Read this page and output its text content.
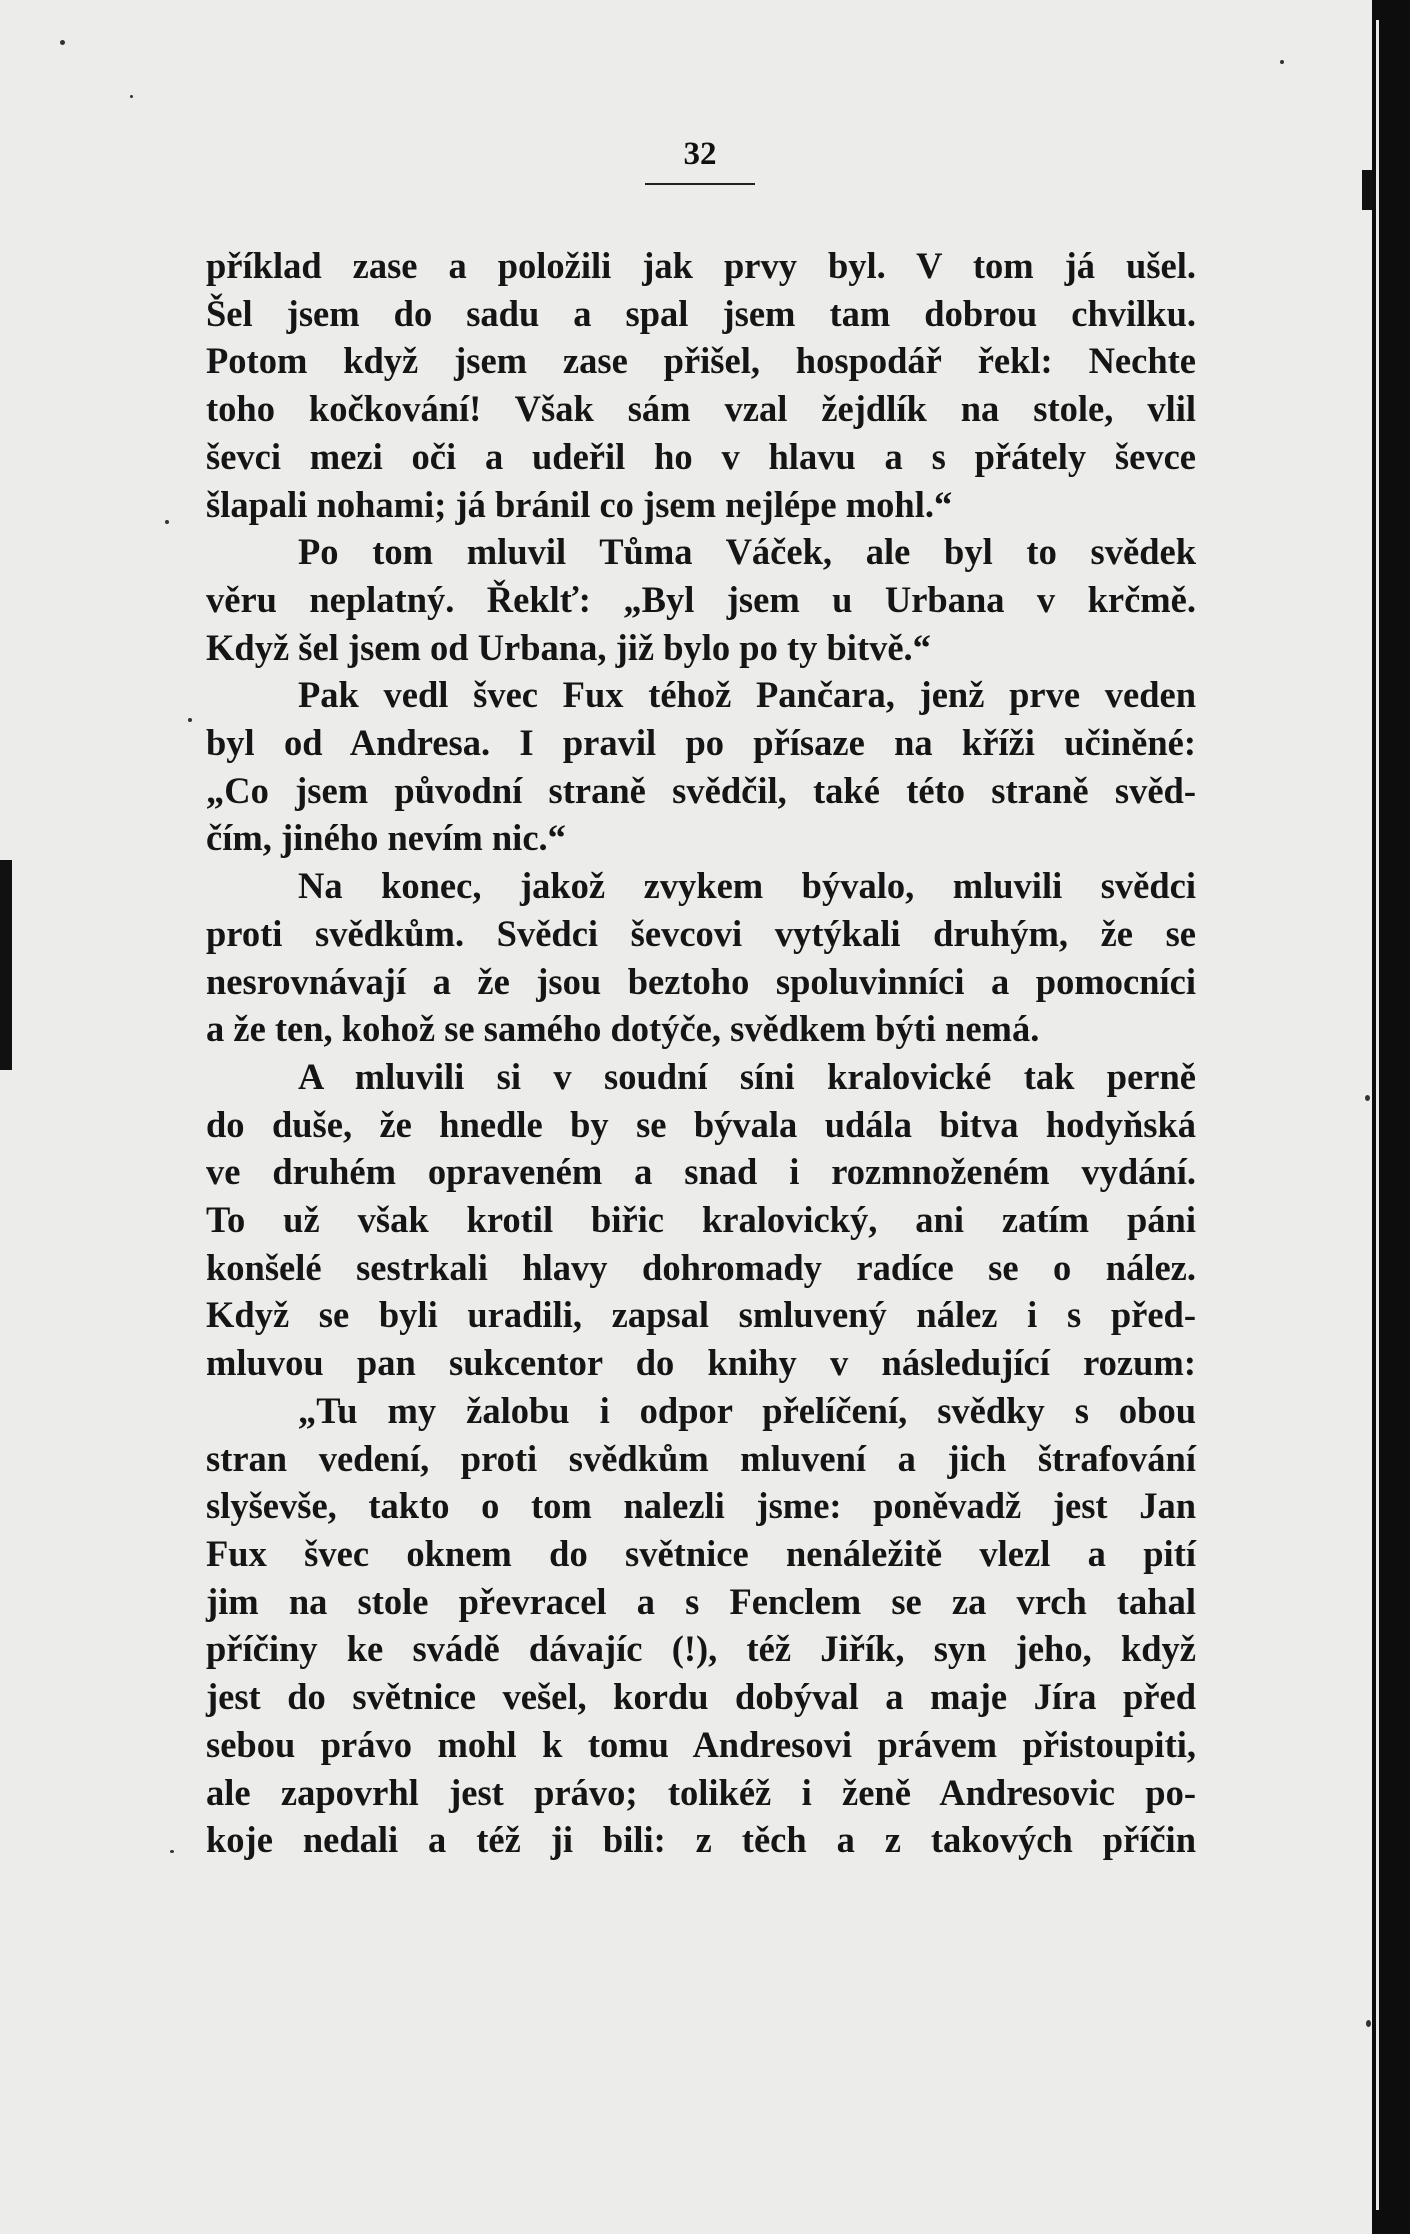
32

příklad zase a položili jak prvy byl. V tom já ušel.

Šel jsem do sadu a spal jsem tam dobrou chvilku.

Potom když jsem zase přišel, hospodář řekl: Nechte

toho kočkování! Však sám vzal žejdlík na stole, vlil

ševci mezi oči a udeřil ho v hlavu a s přátely ševce

šlapali nohami; já bránil co jsem nejlépe mohl.“

Po tom mluvil Tůma Váček, ale byl to svědek

věru neplatný. Řeklť: „Byl jsem u Urbana v krčmě.

Když šel jsem od Urbana, již bylo po ty bitvě.“

Pak vedl švec Fux téhož Pančara, jenž prve veden

byl od Andresa. I pravil po přísaze na kříži učiněné:

„Co jsem původní straně svědčil, také této straně svěd-

čím, jiného nevím nic.“

Na konec, jakož zvykem bývalo, mluvili svědci

proti svědkům. Svědci ševcovi vytýkali druhým, že se

nesrovnávají a že jsou beztoho spoluvinníci a pomocníci

a že ten, kohož se samého dotýče, svědkem býti nemá.

A mluvili si v soudní síni kralovické tak perně

do duše, že hnedle by se bývala udála bitva hodyňská

ve druhém opraveném a snad i rozmnoženém vydání.

To už však krotil biřic kralovický, ani zatím páni

konšelé sestrkali hlavy dohromady radíce se o nález.

Když se byli uradili, zapsal smluvený nález i s před-

mluvou pan sukcentor do knihy v následující rozum:

„Tu my žalobu i odpor přelíčení, svědky s obou

stran vedení, proti svědkům mluvení a jich štrafování

slyševše, takto o tom nalezli jsme: poněvadž jest Jan

Fux švec oknem do světnice nenáležitě vlezl a pití

jim na stole převracel a s Fenclem se za vrch tahal

příčiny ke svádě dávajíc (!), též Jiřík, syn jeho, když

jest do světnice vešel, kordu dobýval a maje Jíra před

sebou právo mohl k tomu Andresovi právem přistoupiti,

ale zapovrhl jest právo; tolikéž i ženě Andresovic po-

koje nedali a též ji bili: z těch a z takových příčin
